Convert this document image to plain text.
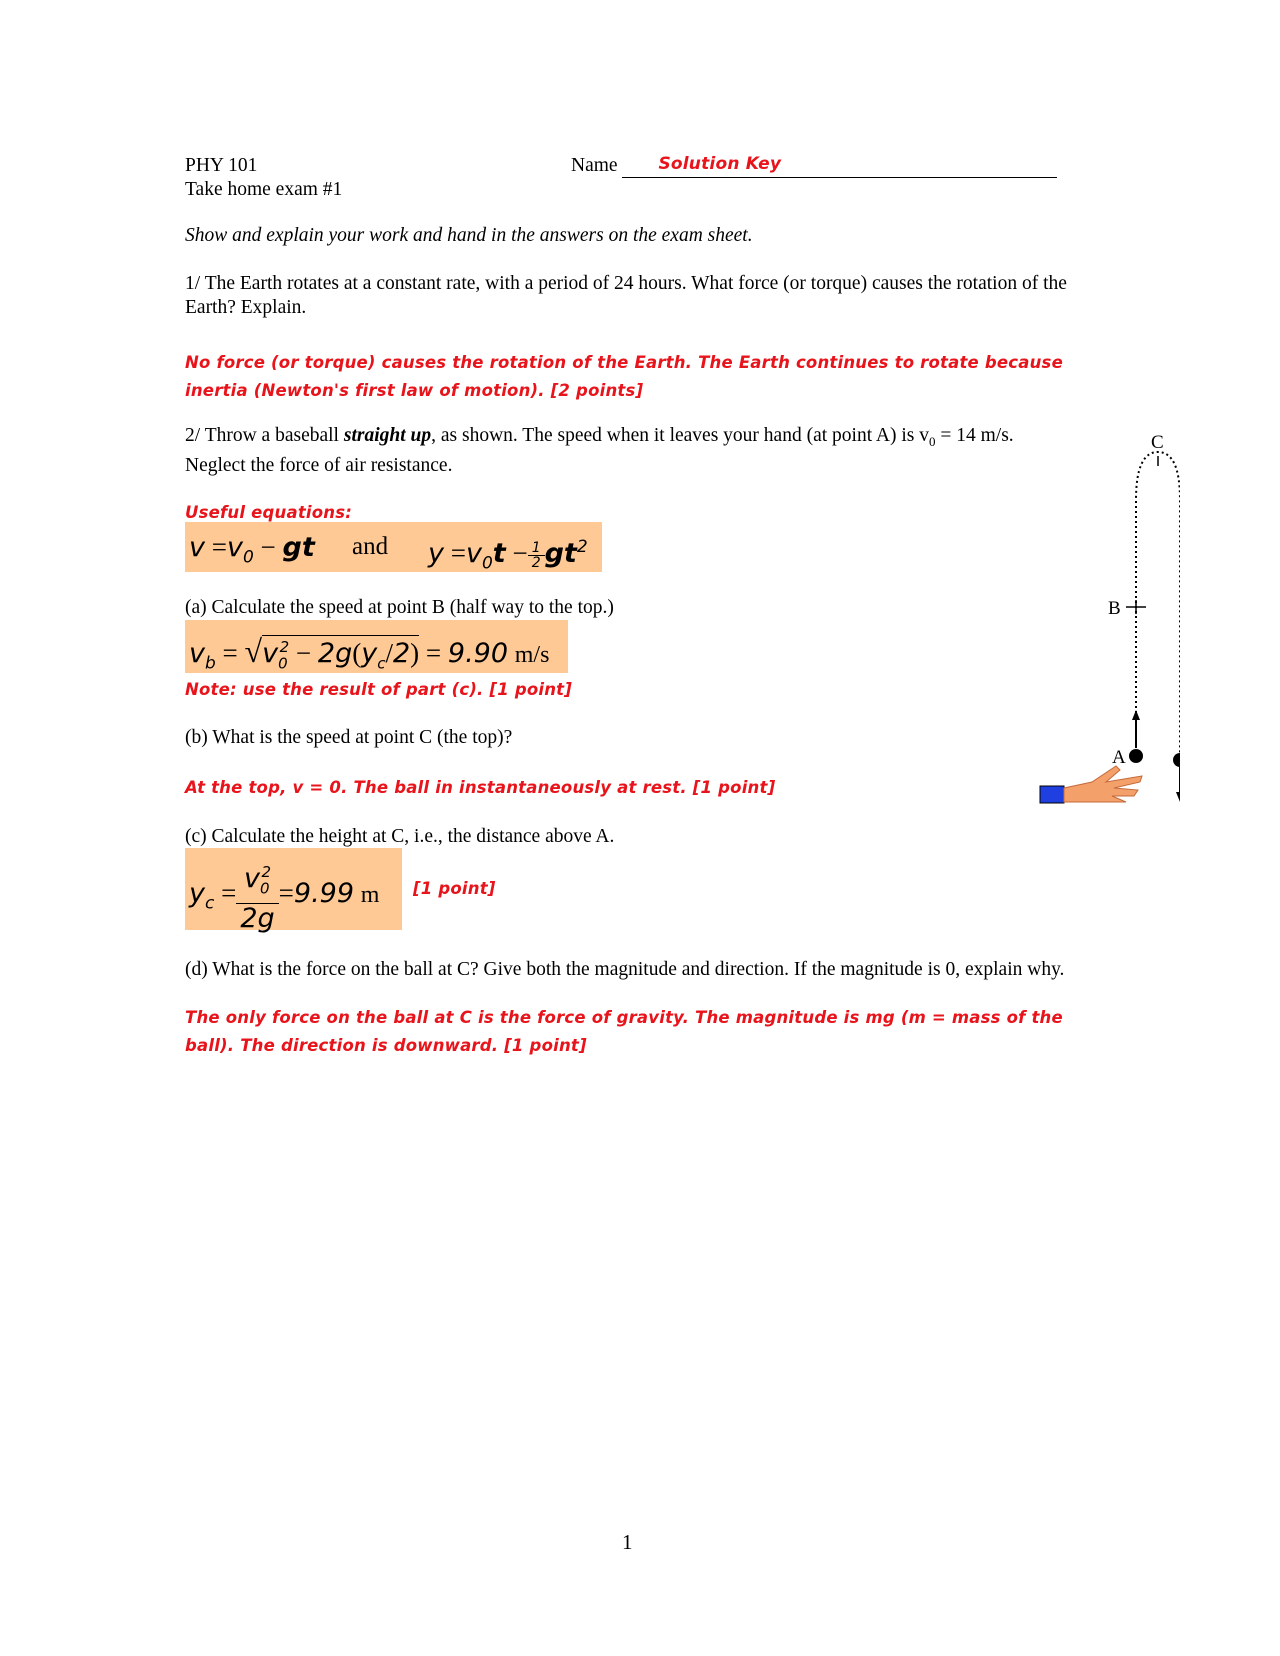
PHY 101
Take home exam #1
Name Solution Key
Show and explain your work and hand in the answers on the exam sheet.
1/ The Earth rotates at a constant rate, with a period of 24 hours. What force (or torque) causes the rotation of the Earth? Explain.
No force (or torque) causes the rotation of the Earth. The Earth continues to rotate because inertia (Newton's first law of motion). [2 points]
2/ Throw a baseball straight up, as shown. The speed when it leaves your hand (at point A) is $v_0 = 14$ m/s. Neglect the force of air resistance.
Useful equations:
$v =v_0$ − gt and $y =v_0t - \frac{1}{2} gt^2$
(a) Calculate the speed at point B (half way to the top.)
$v_b = √v_0^2 - 2g(y_c/2) = 9.90$ m/s
Note: use the result of part (c). [1 point]
(b) What is the speed at point C (the top)?
At the top, v = 0. The ball in instantaneously at rest. [1 point]
(c) Calculate the height at C, i.e., the distance above A.
$y_c = \frac{v_0^2}{2g} =9.99$ m [1 point]
(d) What is the force on the ball at C? Give both the magnitude and direction. If the magnitude is 0, explain why.
The only force on the ball at C is the force of gravity. The magnitude is mg (m = mass of the ball). The direction is downward. [1 point]
C
B
A
1
